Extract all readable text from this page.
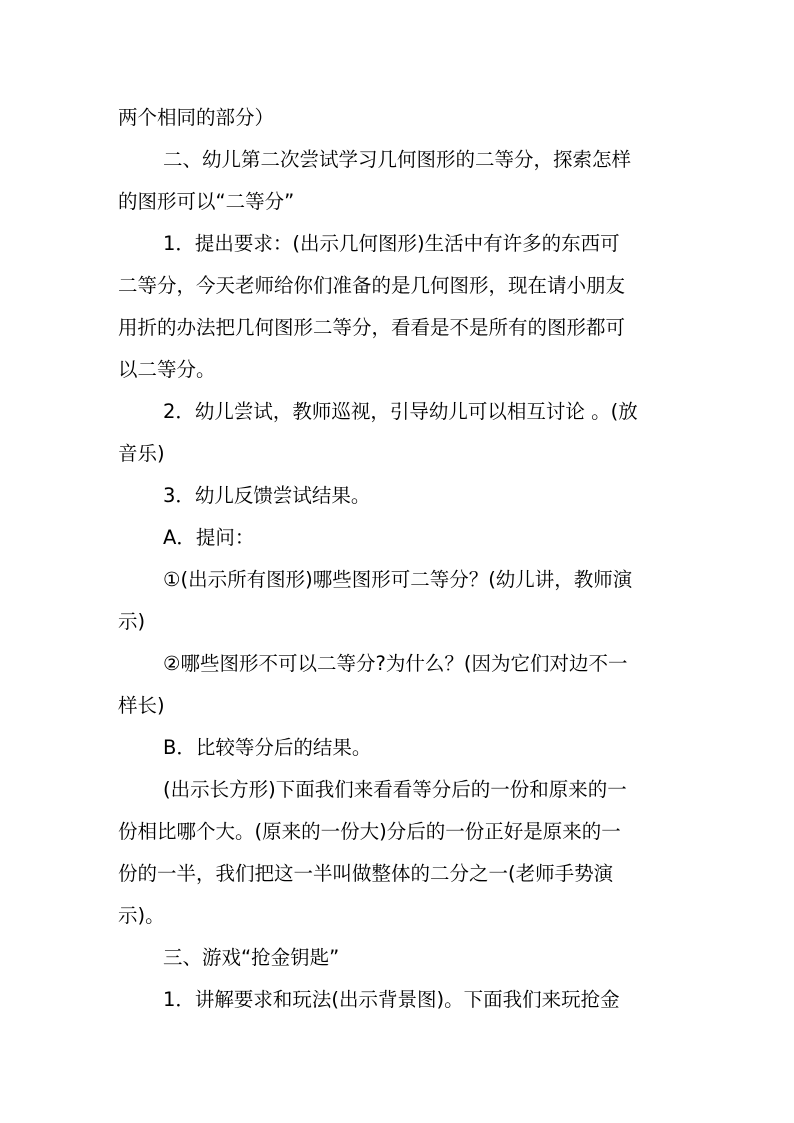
两个相同的部分）
二、幼儿第二次尝试学习几何图形的二等分，探索怎样
的图形可以“二等分”
1．提出要求：(出示几何图形)生活中有许多的东西可
二等分，今天老师给你们准备的是几何图形，现在请小朋友
用折的办法把几何图形二等分，看看是不是所有的图形都可
以二等分。
2．幼儿尝试，教师巡视，引导幼儿可以相互讨论 。(放
音乐)
3．幼儿反馈尝试结果。
A．提问：
①(出示所有图形)哪些图形可二等分？(幼儿讲，教师演
示)
②哪些图形不可以二等分?为什么？(因为它们对边不一
样长)
B．比较等分后的结果。
(出示长方形)下面我们来看看等分后的一份和原来的一
份相比哪个大。(原来的一份大)分后的一份正好是原来的一
份的一半，我们把这一半叫做整体的二分之一(老师手势演
示)。
三、游戏“抢金钥匙”
1．讲解要求和玩法(出示背景图)。下面我们来玩抢金
